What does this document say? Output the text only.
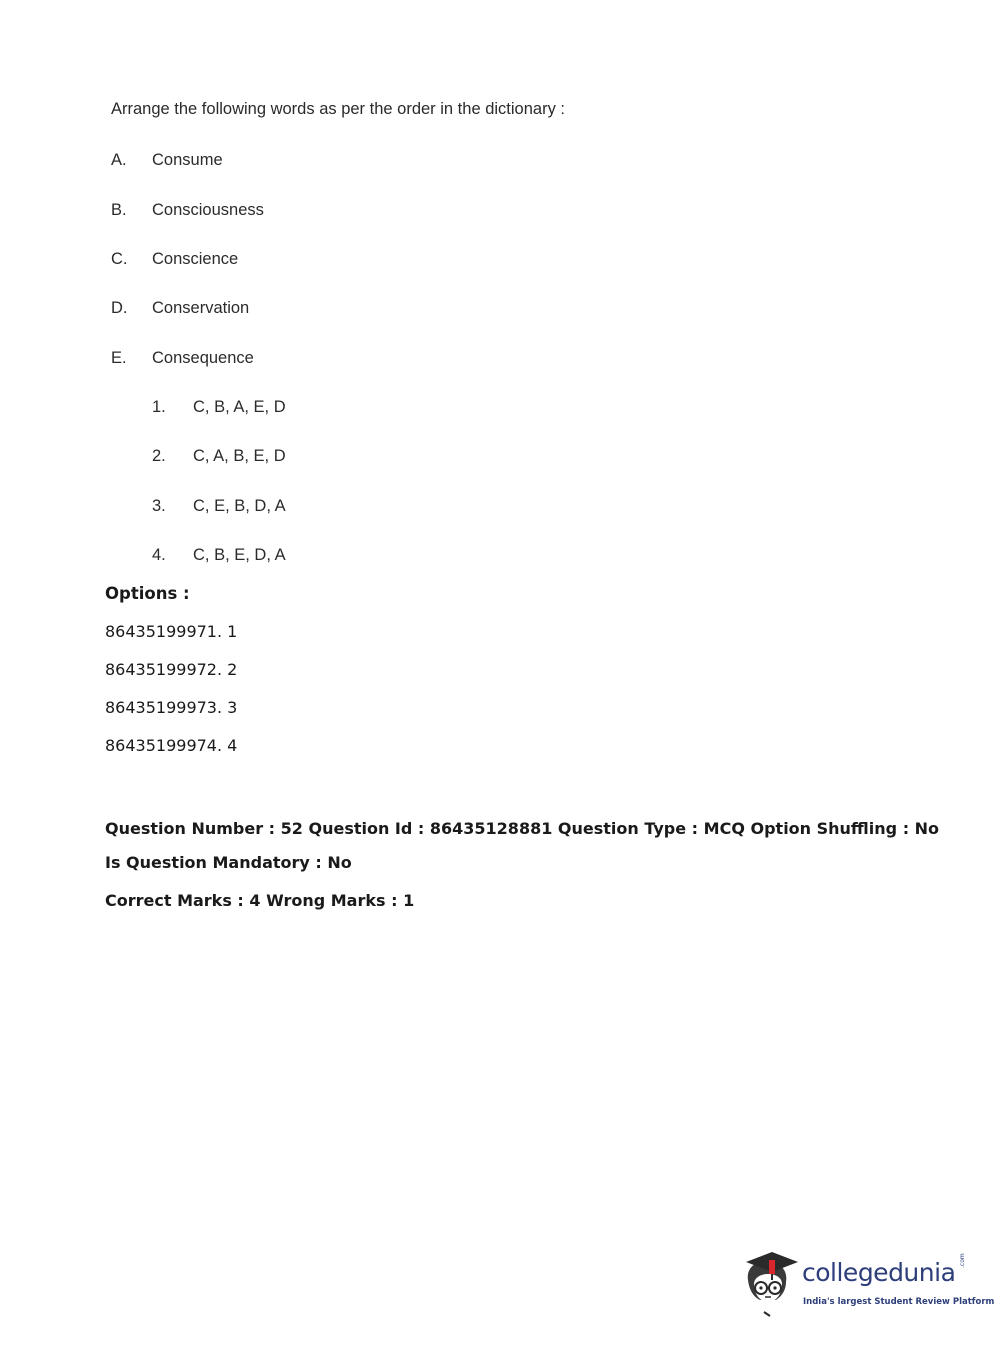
Arrange the following words as per the order in the dictionary :
A. Consume
B. Consciousness
C. Conscience
D. Conservation
E. Consequence
1. C, B, A, E, D
2. C, A, B, E, D
3. C, E, B, D, A
4. C, B, E, D, A
Options :
86435199971. 1
86435199972. 2
86435199973. 3
86435199974. 4
Question Number : 52 Question Id : 86435128881 Question Type : MCQ Option Shuffling : No
Is Question Mandatory : No
Correct Marks : 4 Wrong Marks : 1
collegedunia .com
India's largest Student Review Platform
